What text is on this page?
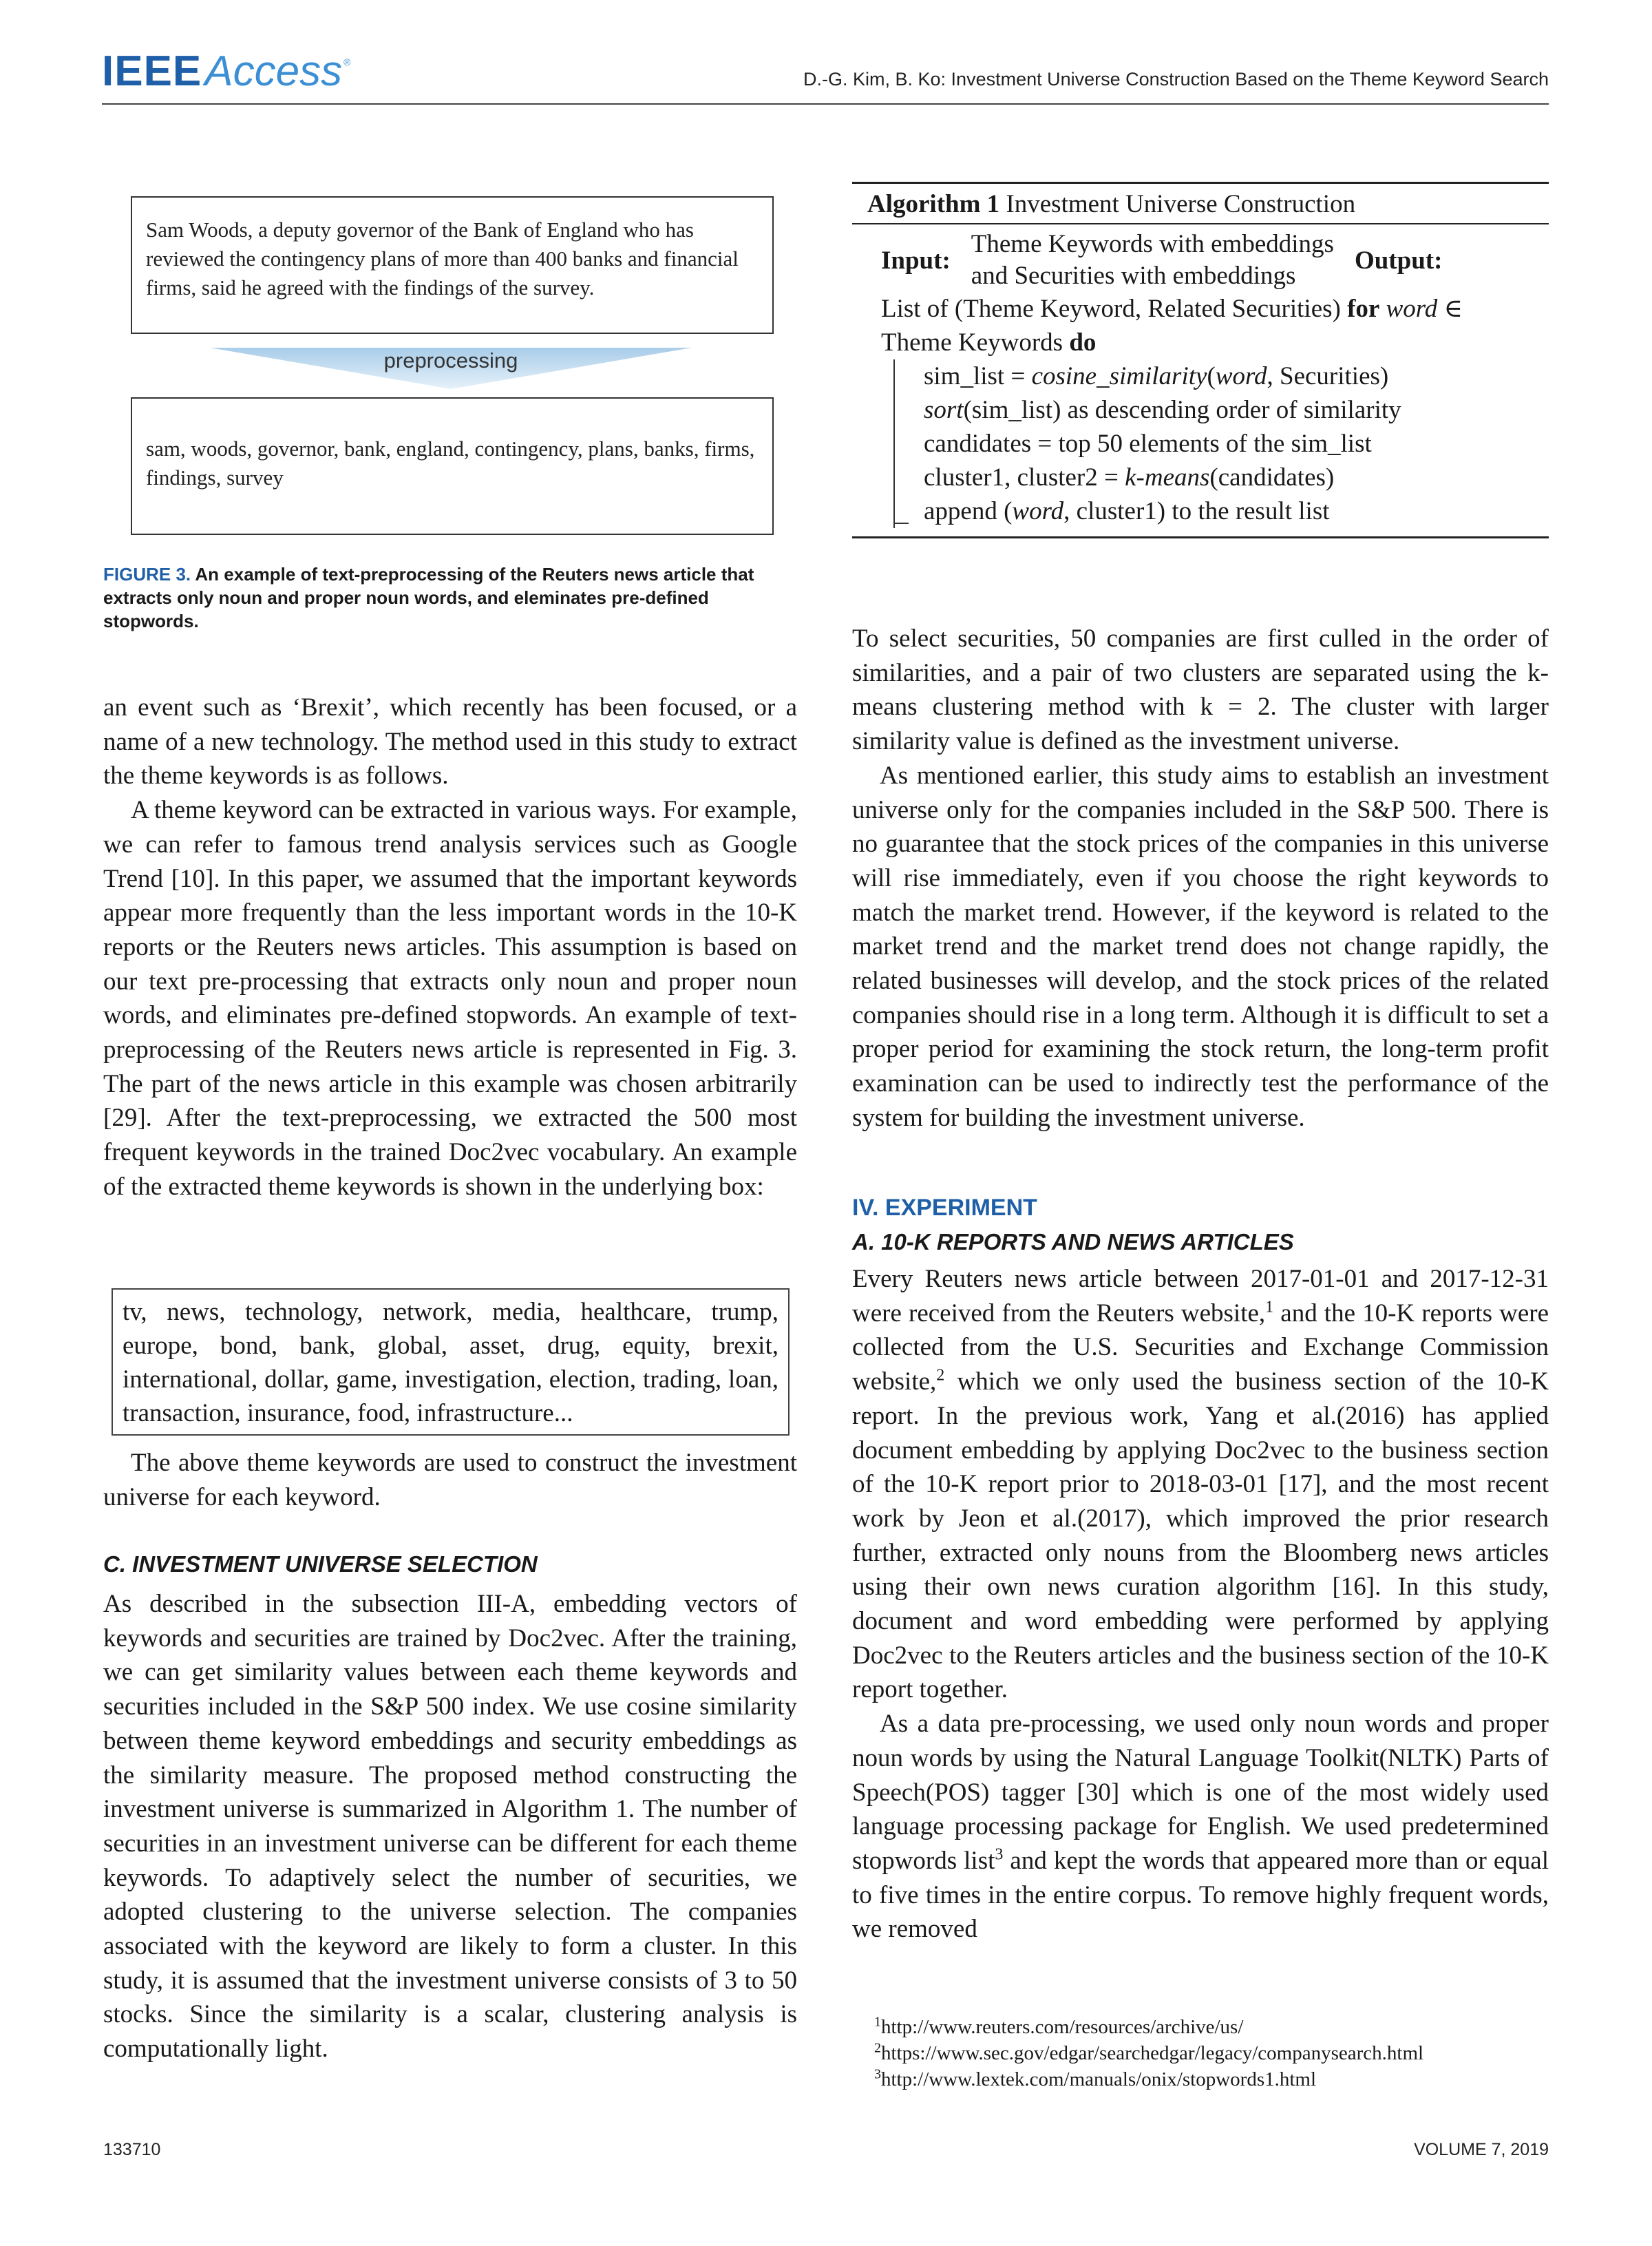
IEEE Access ®
D.-G. Kim, B. Ko: Investment Universe Construction Based on the Theme Keyword Search
Sam Woods, a deputy governor of the Bank of England who has reviewed the contingency plans of more than 400 banks and financial firms, said he agreed with the findings of the survey.
preprocessing
sam, woods, governor, bank, england, contingency, plans, banks, firms, findings, survey
FIGURE 3. An example of text-preprocessing of the Reuters news article that extracts only noun and proper noun words, and eleminates pre-defined stopwords.

an event such as ‘Brexit’, which recently has been focused, or a name of a new technology. The method used in this study to extract the theme keywords is as follows.

A theme keyword can be extracted in various ways. For example, we can refer to famous trend analysis services such as Google Trend [10]. In this paper, we assumed that the important keywords appear more frequently than the less important words in the 10-K reports or the Reuters news articles. This assumption is based on our text pre-processing that extracts only noun and proper noun words, and eliminates pre-defined stopwords. An example of text-preprocessing of the Reuters news article is represented in Fig. 3. The part of the news article in this example was chosen arbitrarily [29]. After the text-preprocessing, we extracted the 500 most frequent keywords in the trained Doc2vec vocabulary. An example of the extracted theme keywords is shown in the underlying box:

tv, news, technology, network, media, healthcare, trump, europe, bond, bank, global, asset, drug, equity, brexit, international, dollar, game, investigation, election, trading, loan, transaction, insurance, food, infrastructure...

The above theme keywords are used to construct the investment universe for each keyword.

C. INVESTMENT UNIVERSE SELECTION

As described in the subsection III-A, embedding vectors of keywords and securities are trained by Doc2vec. After the training, we can get similarity values between each theme keywords and securities included in the S&P 500 index. We use cosine similarity between theme keyword embeddings and security embeddings as the similarity measure. The proposed method constructing the investment universe is summarized in Algorithm 1. The number of securities in an investment universe can be different for each theme keywords. To adaptively select the number of securities, we adopted clustering to the universe selection. The companies associated with the keyword are likely to form a cluster. In this study, it is assumed that the investment universe consists of 3 to 50 stocks. Since the similarity is a scalar, clustering analysis is computationally light.

Algorithm 1 Investment Universe Construction
Input:
Theme Keywords with embeddings
and Securities with embeddings
Output:
List of (Theme Keyword, Related Securities) for word ∈
Theme Keywords do
sim_list = cosine_similarity(word, Securities)
sort(sim_list) as descending order of similarity
candidates = top 50 elements of the sim_list
cluster1, cluster2 = k-means(candidates)
append (word, cluster1) to the result list

To select securities, 50 companies are first culled in the order of similarities, and a pair of two clusters are separated using the k-means clustering method with k = 2. The cluster with larger similarity value is defined as the investment universe.

As mentioned earlier, this study aims to establish an investment universe only for the companies included in the S&P 500. There is no guarantee that the stock prices of the companies in this universe will rise immediately, even if you choose the right keywords to match the market trend. However, if the keyword is related to the market trend and the market trend does not change rapidly, the related businesses will develop, and the stock prices of the related companies should rise in a long term. Although it is difficult to set a proper period for examining the stock return, the long-term profit examination can be used to indirectly test the performance of the system for building the investment universe.

IV. EXPERIMENT
A. 10-K REPORTS AND NEWS ARTICLES

Every Reuters news article between 2017-01-01 and 2017-12-31 were received from the Reuters website,$^1$ and the 10-K reports were collected from the U.S. Securities and Exchange Commission website,$^2$ which we only used the business section of the 10-K report. In the previous work, Yang et al.(2016) has applied document embedding by applying Doc2vec to the business section of the 10-K report prior to 2018-03-01 [17], and the most recent work by Jeon et al.(2017), which improved the prior research further, extracted only nouns from the Bloomberg news articles using their own news curation algorithm [16]. In this study, document and word embedding were performed by applying Doc2vec to the Reuters articles and the business section of the 10-K report together.

As a data pre-processing, we used only noun words and proper noun words by using the Natural Language Toolkit(NLTK) Parts of Speech(POS) tagger [30] which is one of the most widely used language processing package for English. We used predetermined stopwords list$^3$ and kept the words that appeared more than or equal to five times in the entire corpus. To remove highly frequent words, we removed

$^1$http://www.reuters.com/resources/archive/us/
$^2$https://www.sec.gov/edgar/searchedgar/legacy/companysearch.html
$^3$http://www.lextek.com/manuals/onix/stopwords1.html
133710	VOLUME 7, 2019
